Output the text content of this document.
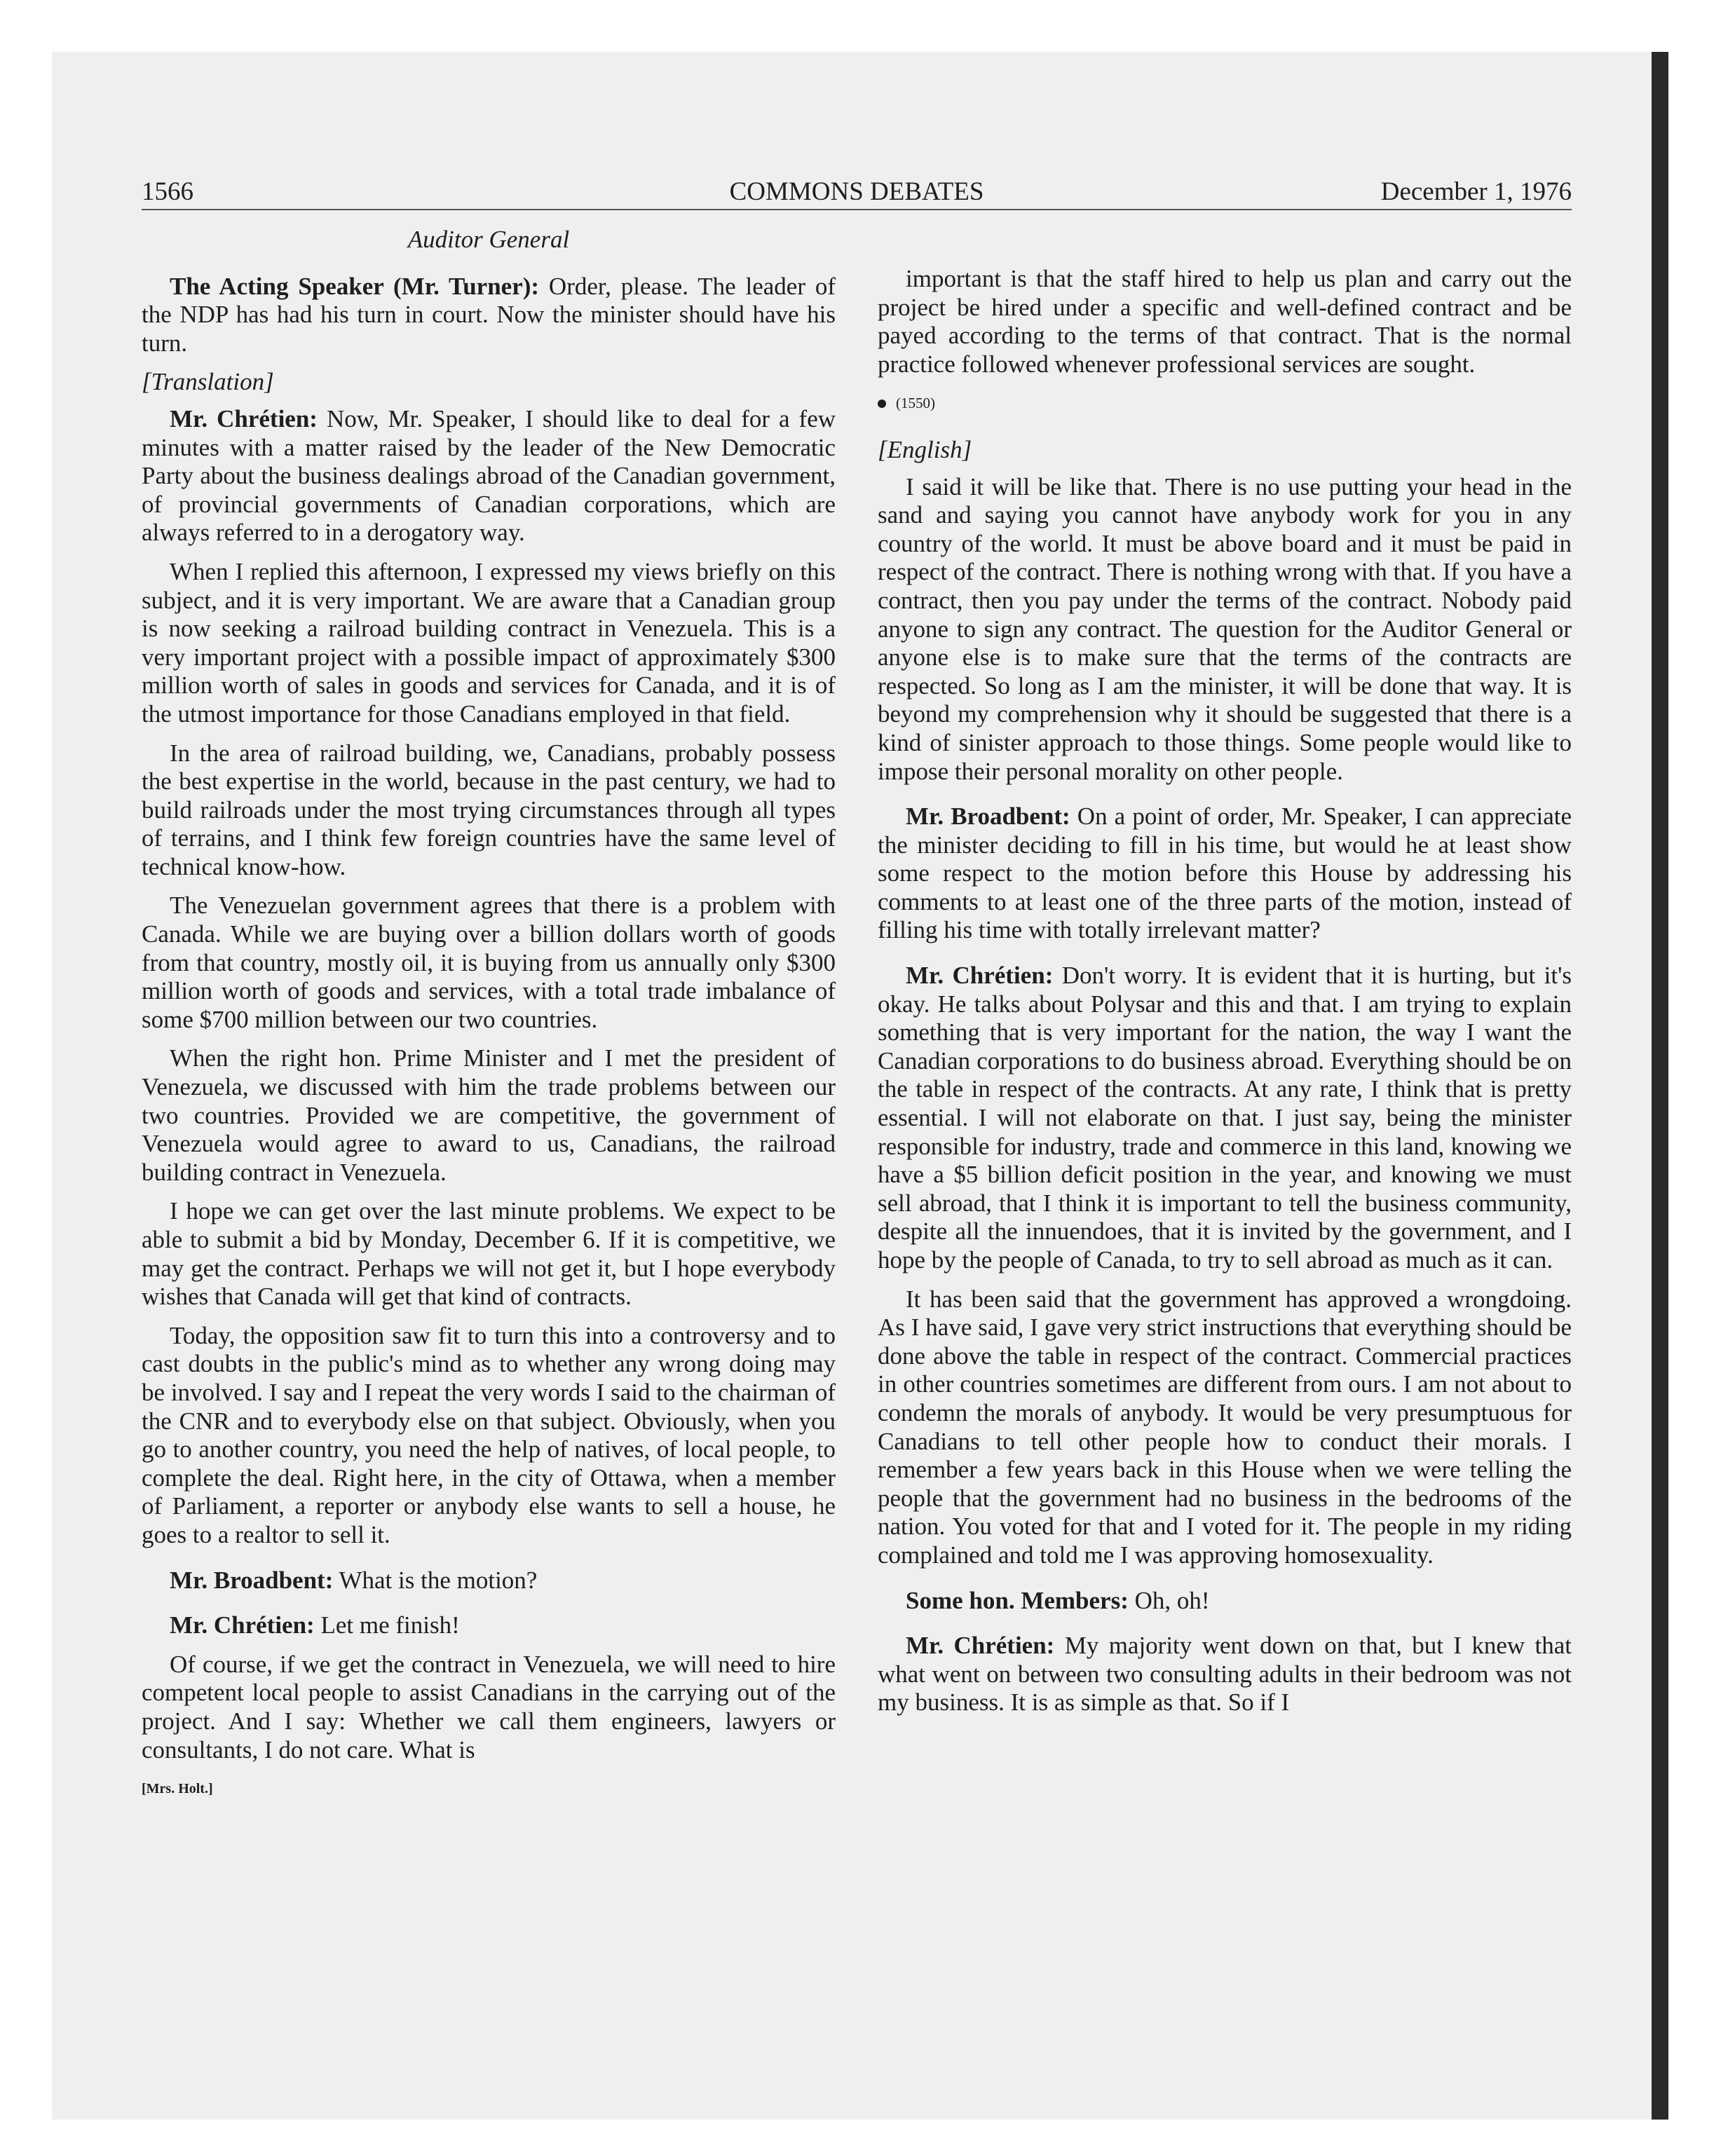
1566	COMMONS DEBATES	December 1, 1976

Auditor General

The Acting Speaker (Mr. Turner): Order, please. The leader of the NDP has had his turn in court. Now the minister should have his turn.

[Translation]

Mr. Chrétien: Now, Mr. Speaker, I should like to deal for a few minutes with a matter raised by the leader of the New Democratic Party about the business dealings abroad of the Canadian government, of provincial governments of Canadian corporations, which are always referred to in a derogatory way.

When I replied this afternoon, I expressed my views briefly on this subject, and it is very important. We are aware that a Canadian group is now seeking a railroad building contract in Venezuela. This is a very important project with a possible impact of approximately $300 million worth of sales in goods and services for Canada, and it is of the utmost importance for those Canadians employed in that field.

In the area of railroad building, we, Canadians, probably possess the best expertise in the world, because in the past century, we had to build railroads under the most trying circumstances through all types of terrains, and I think few foreign countries have the same level of technical know-how.

The Venezuelan government agrees that there is a problem with Canada. While we are buying over a billion dollars worth of goods from that country, mostly oil, it is buying from us annually only $300 million worth of goods and services, with a total trade imbalance of some $700 million between our two countries.

When the right hon. Prime Minister and I met the president of Venezuela, we discussed with him the trade problems between our two countries. Provided we are competitive, the government of Venezuela would agree to award to us, Canadians, the railroad building contract in Venezuela.

I hope we can get over the last minute problems. We expect to be able to submit a bid by Monday, December 6. If it is competitive, we may get the contract. Perhaps we will not get it, but I hope everybody wishes that Canada will get that kind of contracts.

Today, the opposition saw fit to turn this into a controversy and to cast doubts in the public's mind as to whether any wrong doing may be involved. I say and I repeat the very words I said to the chairman of the CNR and to everybody else on that subject. Obviously, when you go to another country, you need the help of natives, of local people, to complete the deal. Right here, in the city of Ottawa, when a member of Parliament, a reporter or anybody else wants to sell a house, he goes to a realtor to sell it.

Mr. Broadbent: What is the motion?

Mr. Chrétien: Let me finish!

Of course, if we get the contract in Venezuela, we will need to hire competent local people to assist Canadians in the carrying out of the project. And I say: Whether we call them engineers, lawyers or consultants, I do not care. What is

[Mrs. Holt.]

important is that the staff hired to help us plan and carry out the project be hired under a specific and well-defined contract and be payed according to the terms of that contract. That is the normal practice followed whenever professional services are sought.

(1550)

[English]

I said it will be like that. There is no use putting your head in the sand and saying you cannot have anybody work for you in any country of the world. It must be above board and it must be paid in respect of the contract. There is nothing wrong with that. If you have a contract, then you pay under the terms of the contract. Nobody paid anyone to sign any contract. The question for the Auditor General or anyone else is to make sure that the terms of the contracts are respected. So long as I am the minister, it will be done that way. It is beyond my comprehension why it should be suggested that there is a kind of sinister approach to those things. Some people would like to impose their personal morality on other people.

Mr. Broadbent: On a point of order, Mr. Speaker, I can appreciate the minister deciding to fill in his time, but would he at least show some respect to the motion before this House by addressing his comments to at least one of the three parts of the motion, instead of filling his time with totally irrelevant matter?

Mr. Chrétien: Don't worry. It is evident that it is hurting, but it's okay. He talks about Polysar and this and that. I am trying to explain something that is very important for the nation, the way I want the Canadian corporations to do business abroad. Everything should be on the table in respect of the contracts. At any rate, I think that is pretty essential. I will not elaborate on that. I just say, being the minister responsible for industry, trade and commerce in this land, knowing we have a $5 billion deficit position in the year, and knowing we must sell abroad, that I think it is important to tell the business community, despite all the innuendoes, that it is invited by the government, and I hope by the people of Canada, to try to sell abroad as much as it can.

It has been said that the government has approved a wrongdoing. As I have said, I gave very strict instructions that everything should be done above the table in respect of the contract. Commercial practices in other countries sometimes are different from ours. I am not about to condemn the morals of anybody. It would be very presumptuous for Canadians to tell other people how to conduct their morals. I remember a few years back in this House when we were telling the people that the government had no business in the bedrooms of the nation. You voted for that and I voted for it. The people in my riding complained and told me I was approving homosexuality.

Some hon. Members: Oh, oh!

Mr. Chrétien: My majority went down on that, but I knew that what went on between two consulting adults in their bedroom was not my business. It is as simple as that. So if I
